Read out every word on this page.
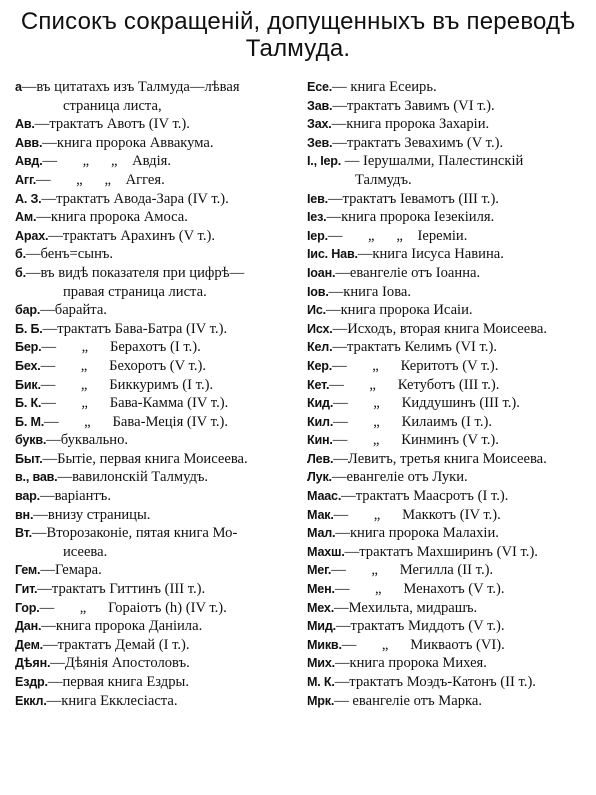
Списокъ сокращеній, допущенныхъ въ переводѣ
Талмуда.
а—въ цитатахъ изъ Талмуда—лѣвая
страница листа,
Ав.—трактатъ Авотъ (IV т.).
Авв.—книга пророка Аввакума.
Авд.—       „      „    Авдія.
Агг.—       „      „    Аггея.
А. З.—трактатъ Авода-Зара (IV т.).
Ам.—книга пророка Амоса.
Арах.—трактатъ Арахинъ (V т.).
б.—бенъ=сынъ.
б.—въ видѣ показателя при цифрѣ—
правая страница листа.
бар.—барайта.
Б. Б.—трактатъ Бава-Батра (IV т.).
Бер.—       „      Берахотъ (I т.).
Бех.—       „      Бехоротъ (V т.).
Бик.—       „      Биккуримъ (I т.).
Б. К.—       „      Бава-Камма (IV т.).
Б. М.—       „      Бава-Меція (IV т.).
букв.—буквально.
Быт.—Бытіе, первая книга Моисеева.
в., вав.—вавилонскій Талмудъ.
вар.—варіантъ.
вн.—внизу страницы.
Вт.—Второзаконіе, пятая книга Мо-
исеева.
Гем.—Гемара.
Гит.—трактатъ Гиттинъ (III т.).
Гор.—       „      Гораіотъ (h) (IV т.).
Дан.—книга пророка Даніила.
Дем.—трактатъ Демай (I т.).
Дѣян.—Дѣянія Апостоловъ.
Ездр.—первая книга Ездры.
Еккл.—книга Екклесіаста.
Есе.— книга Есеирь.
Зав.—трактатъ Завимъ (VI т.).
Зах.—книга пророка Захаріи.
Зев.—трактатъ Зевахимъ (V т.).
І., Іер. — Іерушалми, Палестинскій
Талмудъ.
Іев.—трактатъ Іевамотъ (III т.).
Іез.—книга пророка Іезекіиля.
Іер.—       „      „    Іереміи.
Іис. Нав.—книга Іисуса Навина.
Іоан.—евангеліе отъ Іоанна.
Іов.—книга Іова.
Ис.—книга пророка Исаіи.
Исх.—Исходъ, вторая книга Моисеева.
Кел.—трактатъ Келимъ (VI т.).
Кер.—       „      Керитотъ (V т.).
Кет.—       „      Кетуботъ (III т.).
Кид.—       „      Киддушинъ (III т.).
Кил.—       „      Килаимъ (I т.).
Кин.—       „      Кинминъ (V т.).
Лев.—Левитъ, третья книга Моисеева.
Лук.—евангеліе отъ Луки.
Маас.—трактатъ Маасротъ (I т.).
Мак.—       „      Маккотъ (IV т.).
Мал.—книга пророка Малахіи.
Махш.—трактатъ Махширинъ (VI т.).
Мег.—       „      Мегилла (II т.).
Мен.—       „      Менахотъ (V т.).
Мех.—Мехильта, мидрашъ.
Мид.—трактатъ Миддотъ (V т.).
Микв.—       „      Микваотъ (VI).
Мих.—книга пророка Михея.
М. К.—трактатъ Моэдъ-Катонъ (II т.).
Мрк.— евангеліе отъ Марка.
